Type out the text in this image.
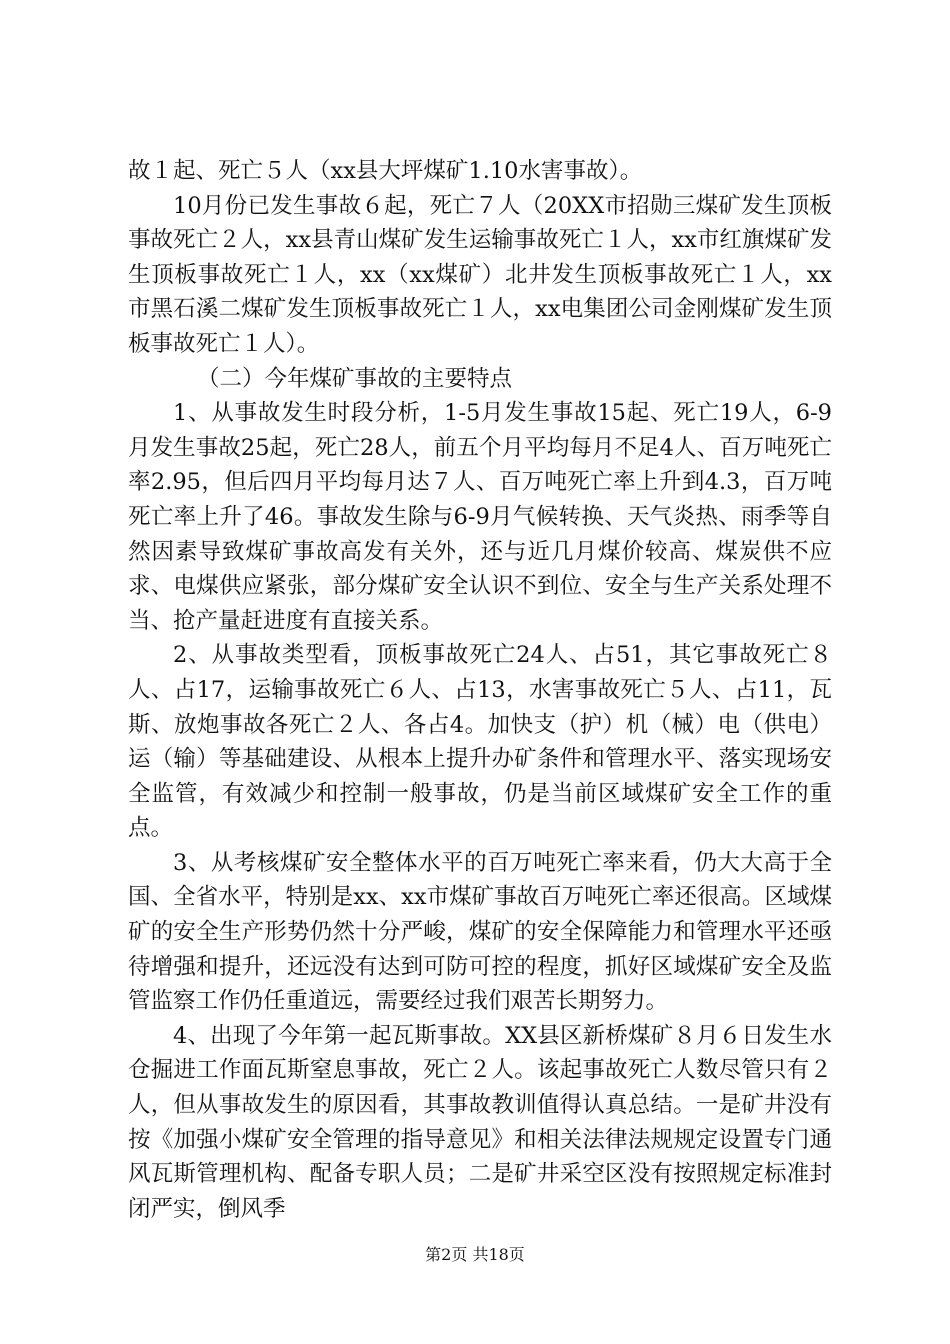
故１起、死亡５人（xx县大坪煤矿1.10水害事故）。

10月份已发生事故６起，死亡７人（20XX市招勋三煤矿发生顶板事故死亡２人，xx县青山煤矿发生运输事故死亡１人，xx市红旗煤矿发生顶板事故死亡１人，xx（xx煤矿）北井发生顶板事故死亡１人，xx市黑石溪二煤矿发生顶板事故死亡１人，xx电集团公司金刚煤矿发生顶板事故死亡１人）。

（二）今年煤矿事故的主要特点

1、从事故发生时段分析，1-5月发生事故15起、死亡19人，6-9月发生事故25起，死亡28人，前五个月平均每月不足4人、百万吨死亡率2.95，但后四月平均每月达７人、百万吨死亡率上升到4.3，百万吨死亡率上升了46。事故发生除与6-9月气候转换、天气炎热、雨季等自然因素导致煤矿事故高发有关外，还与近几月煤价较高、煤炭供不应求、电煤供应紧张，部分煤矿安全认识不到位、安全与生产关系处理不当、抢产量赶进度有直接关系。

2、从事故类型看，顶板事故死亡24人、占51，其它事故死亡８人、占17，运输事故死亡６人、占13，水害事故死亡５人、占11，瓦斯、放炮事故各死亡２人、各占4。加快支（护）机（械）电（供电）运（输）等基础建设、从根本上提升办矿条件和管理水平、落实现场安全监管，有效减少和控制一般事故，仍是当前区域煤矿安全工作的重点。

3、从考核煤矿安全整体水平的百万吨死亡率来看，仍大大高于全国、全省水平，特别是xx、xx市煤矿事故百万吨死亡率还很高。区域煤矿的安全生产形势仍然十分严峻，煤矿的安全保障能力和管理水平还亟待增强和提升，还远没有达到可防可控的程度，抓好区域煤矿安全及监管监察工作仍任重道远，需要经过我们艰苦长期努力。

4、出现了今年第一起瓦斯事故。XX县区新桥煤矿８月６日发生水仓掘进工作面瓦斯窒息事故，死亡２人。该起事故死亡人数尽管只有２人，但从事故发生的原因看，其事故教训值得认真总结。一是矿井没有按《加强小煤矿安全管理的指导意见》和相关法律法规规定设置专门通风瓦斯管理机构、配备专职人员；二是矿井采空区没有按照规定标准封闭严实，倒风季

第2页 共18页
